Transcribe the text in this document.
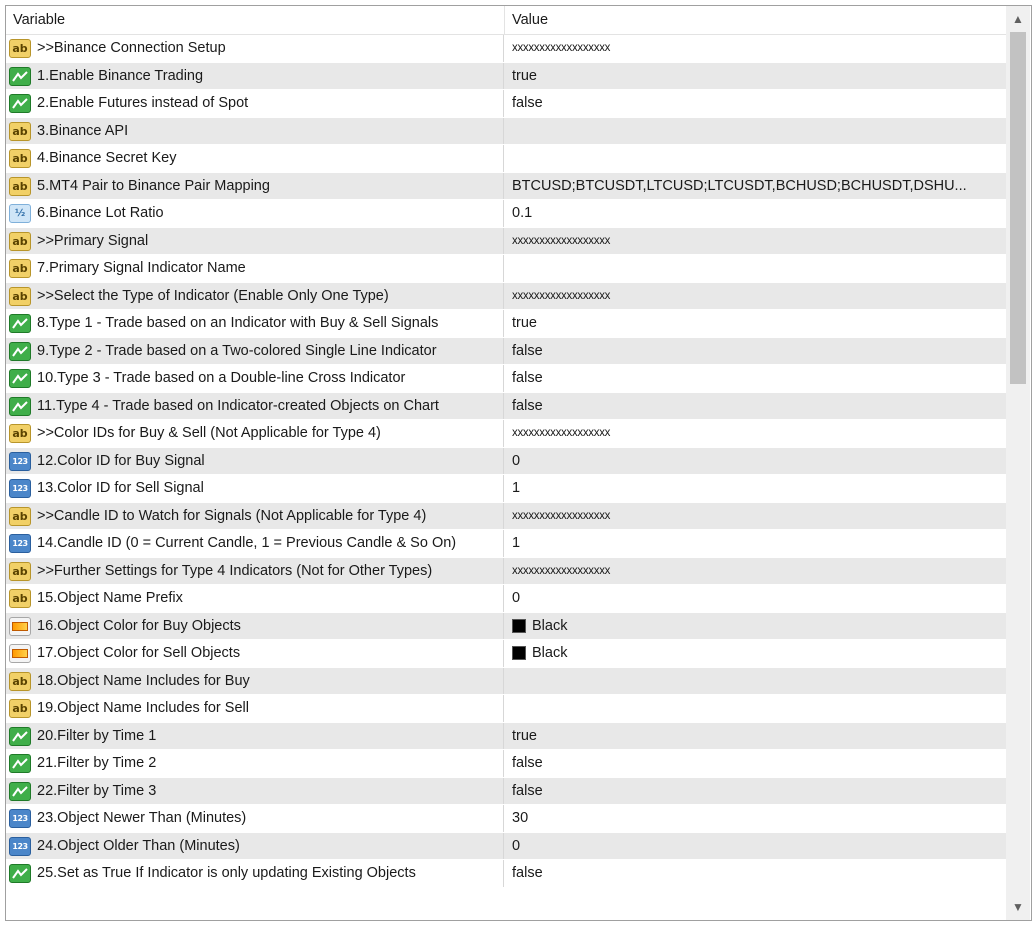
Variable	Value
ab >>Binance Connection Setup	xxxxxxxxxxxxxxxxxx
1.Enable Binance Trading	true
2.Enable Futures instead of Spot	false
ab 3.Binance API
ab 4.Binance Secret Key
ab 5.MT4 Pair to Binance Pair Mapping	BTCUSD;BTCUSDT,LTCUSD;LTCUSDT,BCHUSD;BCHUSDT,DSHU...
½ 6.Binance Lot Ratio	0.1
ab >>Primary Signal	xxxxxxxxxxxxxxxxxx
ab 7.Primary Signal Indicator Name
ab >>Select the Type of Indicator (Enable Only One Type)	xxxxxxxxxxxxxxxxxx
8.Type 1 - Trade based on an Indicator with Buy & Sell Signals	true
9.Type 2 - Trade based on a Two-colored Single Line Indicator	false
10.Type 3 - Trade based on a Double-line Cross Indicator	false
11.Type 4 - Trade based on Indicator-created Objects on Chart	false
ab >>Color IDs for Buy & Sell (Not Applicable for Type 4)	xxxxxxxxxxxxxxxxxx
123 12.Color ID for Buy Signal	0
123 13.Color ID for Sell Signal	1
ab >>Candle ID to Watch for Signals (Not Applicable for Type 4)	xxxxxxxxxxxxxxxxxx
123 14.Candle ID (0 = Current Candle, 1 = Previous Candle & So On)	1
ab >>Further Settings for Type 4 Indicators (Not for Other Types)	xxxxxxxxxxxxxxxxxx
ab 15.Object Name Prefix	0
16.Object Color for Buy Objects	Black
17.Object Color for Sell Objects	Black
ab 18.Object Name Includes for Buy
ab 19.Object Name Includes for Sell
20.Filter by Time 1	true
21.Filter by Time 2	false
22.Filter by Time 3	false
123 23.Object Newer Than (Minutes)	30
123 24.Object Older Than (Minutes)	0
25.Set as True If Indicator is only updating Existing Objects	false
▲
▼
